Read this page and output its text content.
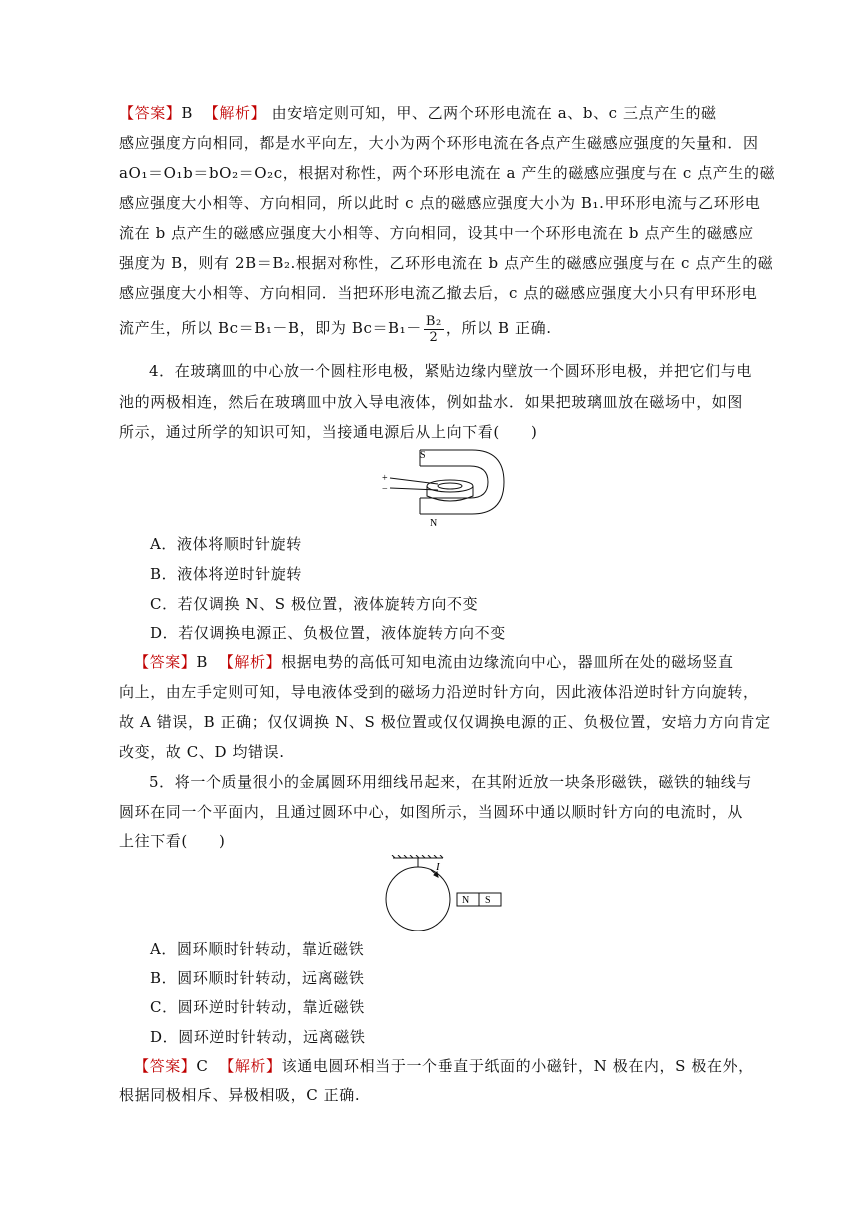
【答案】B 【解析】 由安培定则可知，甲、乙两个环形电流在 a、b、c 三点产生的磁
感应强度方向相同，都是水平向左，大小为两个环形电流在各点产生磁感应强度的矢量和．因
aO₁＝O₁b＝bO₂＝O₂c，根据对称性，两个环形电流在 a 产生的磁感应强度与在 c 点产生的磁
感应强度大小相等、方向相同，所以此时 c 点的磁感应强度大小为 B₁.甲环形电流与乙环形电
流在 b 点产生的磁感应强度大小相等、方向相同，设其中一个环形电流在 b 点产生的磁感应
强度为 B，则有 2B＝B₂.根据对称性，乙环形电流在 b 点产生的磁感应强度与在 c 点产生的磁
感应强度大小相等、方向相同．当把环形电流乙撤去后，c 点的磁感应强度大小只有甲环形电
流产生，所以 Bc＝B₁－B，即为 $Bc=B_1- \frac{\text{B₂}}{2}$ ，所以 B 正确.
4．在玻璃皿的中心放一个圆柱形电极，紧贴边缘内壁放一个圆环形电极，并把它们与电
池的两极相连，然后在玻璃皿中放入导电液体，例如盐水．如果把玻璃皿放在磁场中，如图
所示，通过所学的知识可知，当接通电源后从上向下看(　　)
S
N
+
−
A．液体将顺时针旋转
B．液体将逆时针旋转
C．若仅调换 N、S 极位置，液体旋转方向不变
D．若仅调换电源正、负极位置，液体旋转方向不变
【答案】B 【解析】根据电势的高低可知电流由边缘流向中心，器皿所在处的磁场竖直
向上，由左手定则可知，导电液体受到的磁场力沿逆时针方向，因此液体沿逆时针方向旋转，
故 A 错误，B 正确；仅仅调换 N、S 极位置或仅仅调换电源的正、负极位置，安培力方向肯定
改变，故 C、D 均错误.
5．将一个质量很小的金属圆环用细线吊起来，在其附近放一块条形磁铁，磁铁的轴线与
圆环在同一个平面内，且通过圆环中心，如图所示，当圆环中通以顺时针方向的电流时，从
上往下看(　　)
I
N S
A．圆环顺时针转动，靠近磁铁
B．圆环顺时针转动，远离磁铁
C．圆环逆时针转动，靠近磁铁
D．圆环逆时针转动，远离磁铁
【答案】C 【解析】该通电圆环相当于一个垂直于纸面的小磁针，N 极在内，S 极在外，
根据同极相斥、异极相吸，C 正确.
